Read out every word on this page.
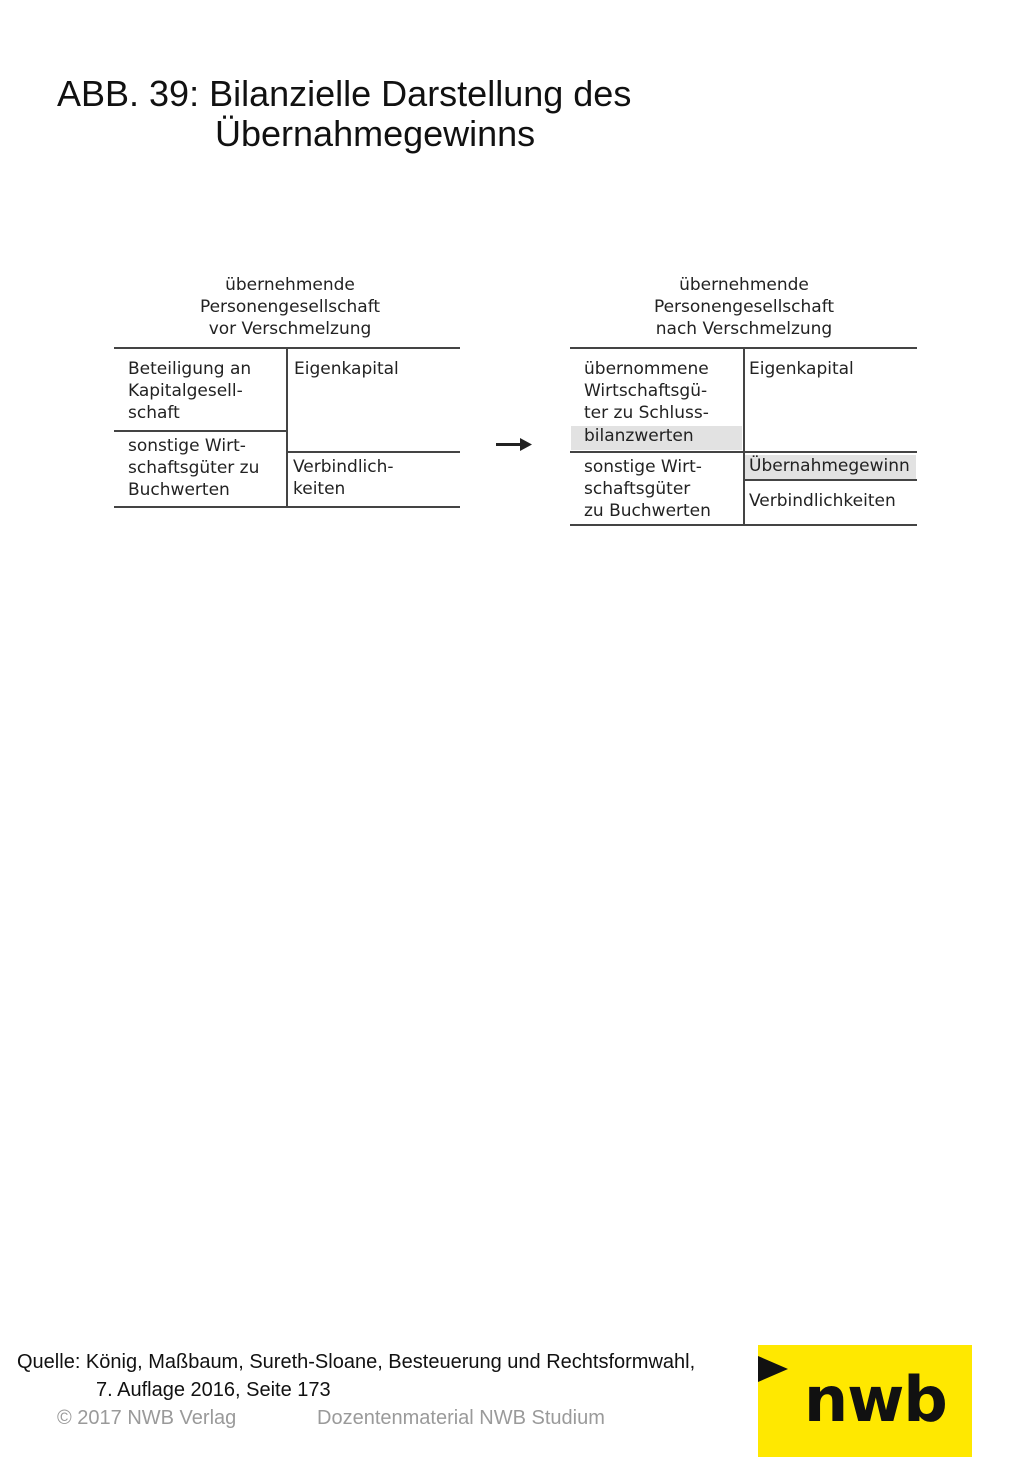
ABB. 39: Bilanzielle Darstellung des
Übernahmegewinns
übernehmende
Personengesellschaft
vor Verschmelzung
Beteiligung an
Kapitalgesell-
schaft
sonstige Wirt-
schaftsgüter zu
Buchwerten
Eigenkapital
Verbindlich-
keiten
übernehmende
Personengesellschaft
nach Verschmelzung
übernommene
Wirtschaftsgü-
ter zu Schluss-
bilanzwerten
sonstige Wirt-
schaftsgüter
zu Buchwerten
Eigenkapital
Übernahmegewinn
Verbindlichkeiten
nwb
Quelle: König, Maßbaum, Sureth-Sloane, Besteuerung und Rechtsformwahl,
7. Auflage 2016, Seite 173
© 2017 NWB Verlag	Dozentenmaterial NWB Studium
